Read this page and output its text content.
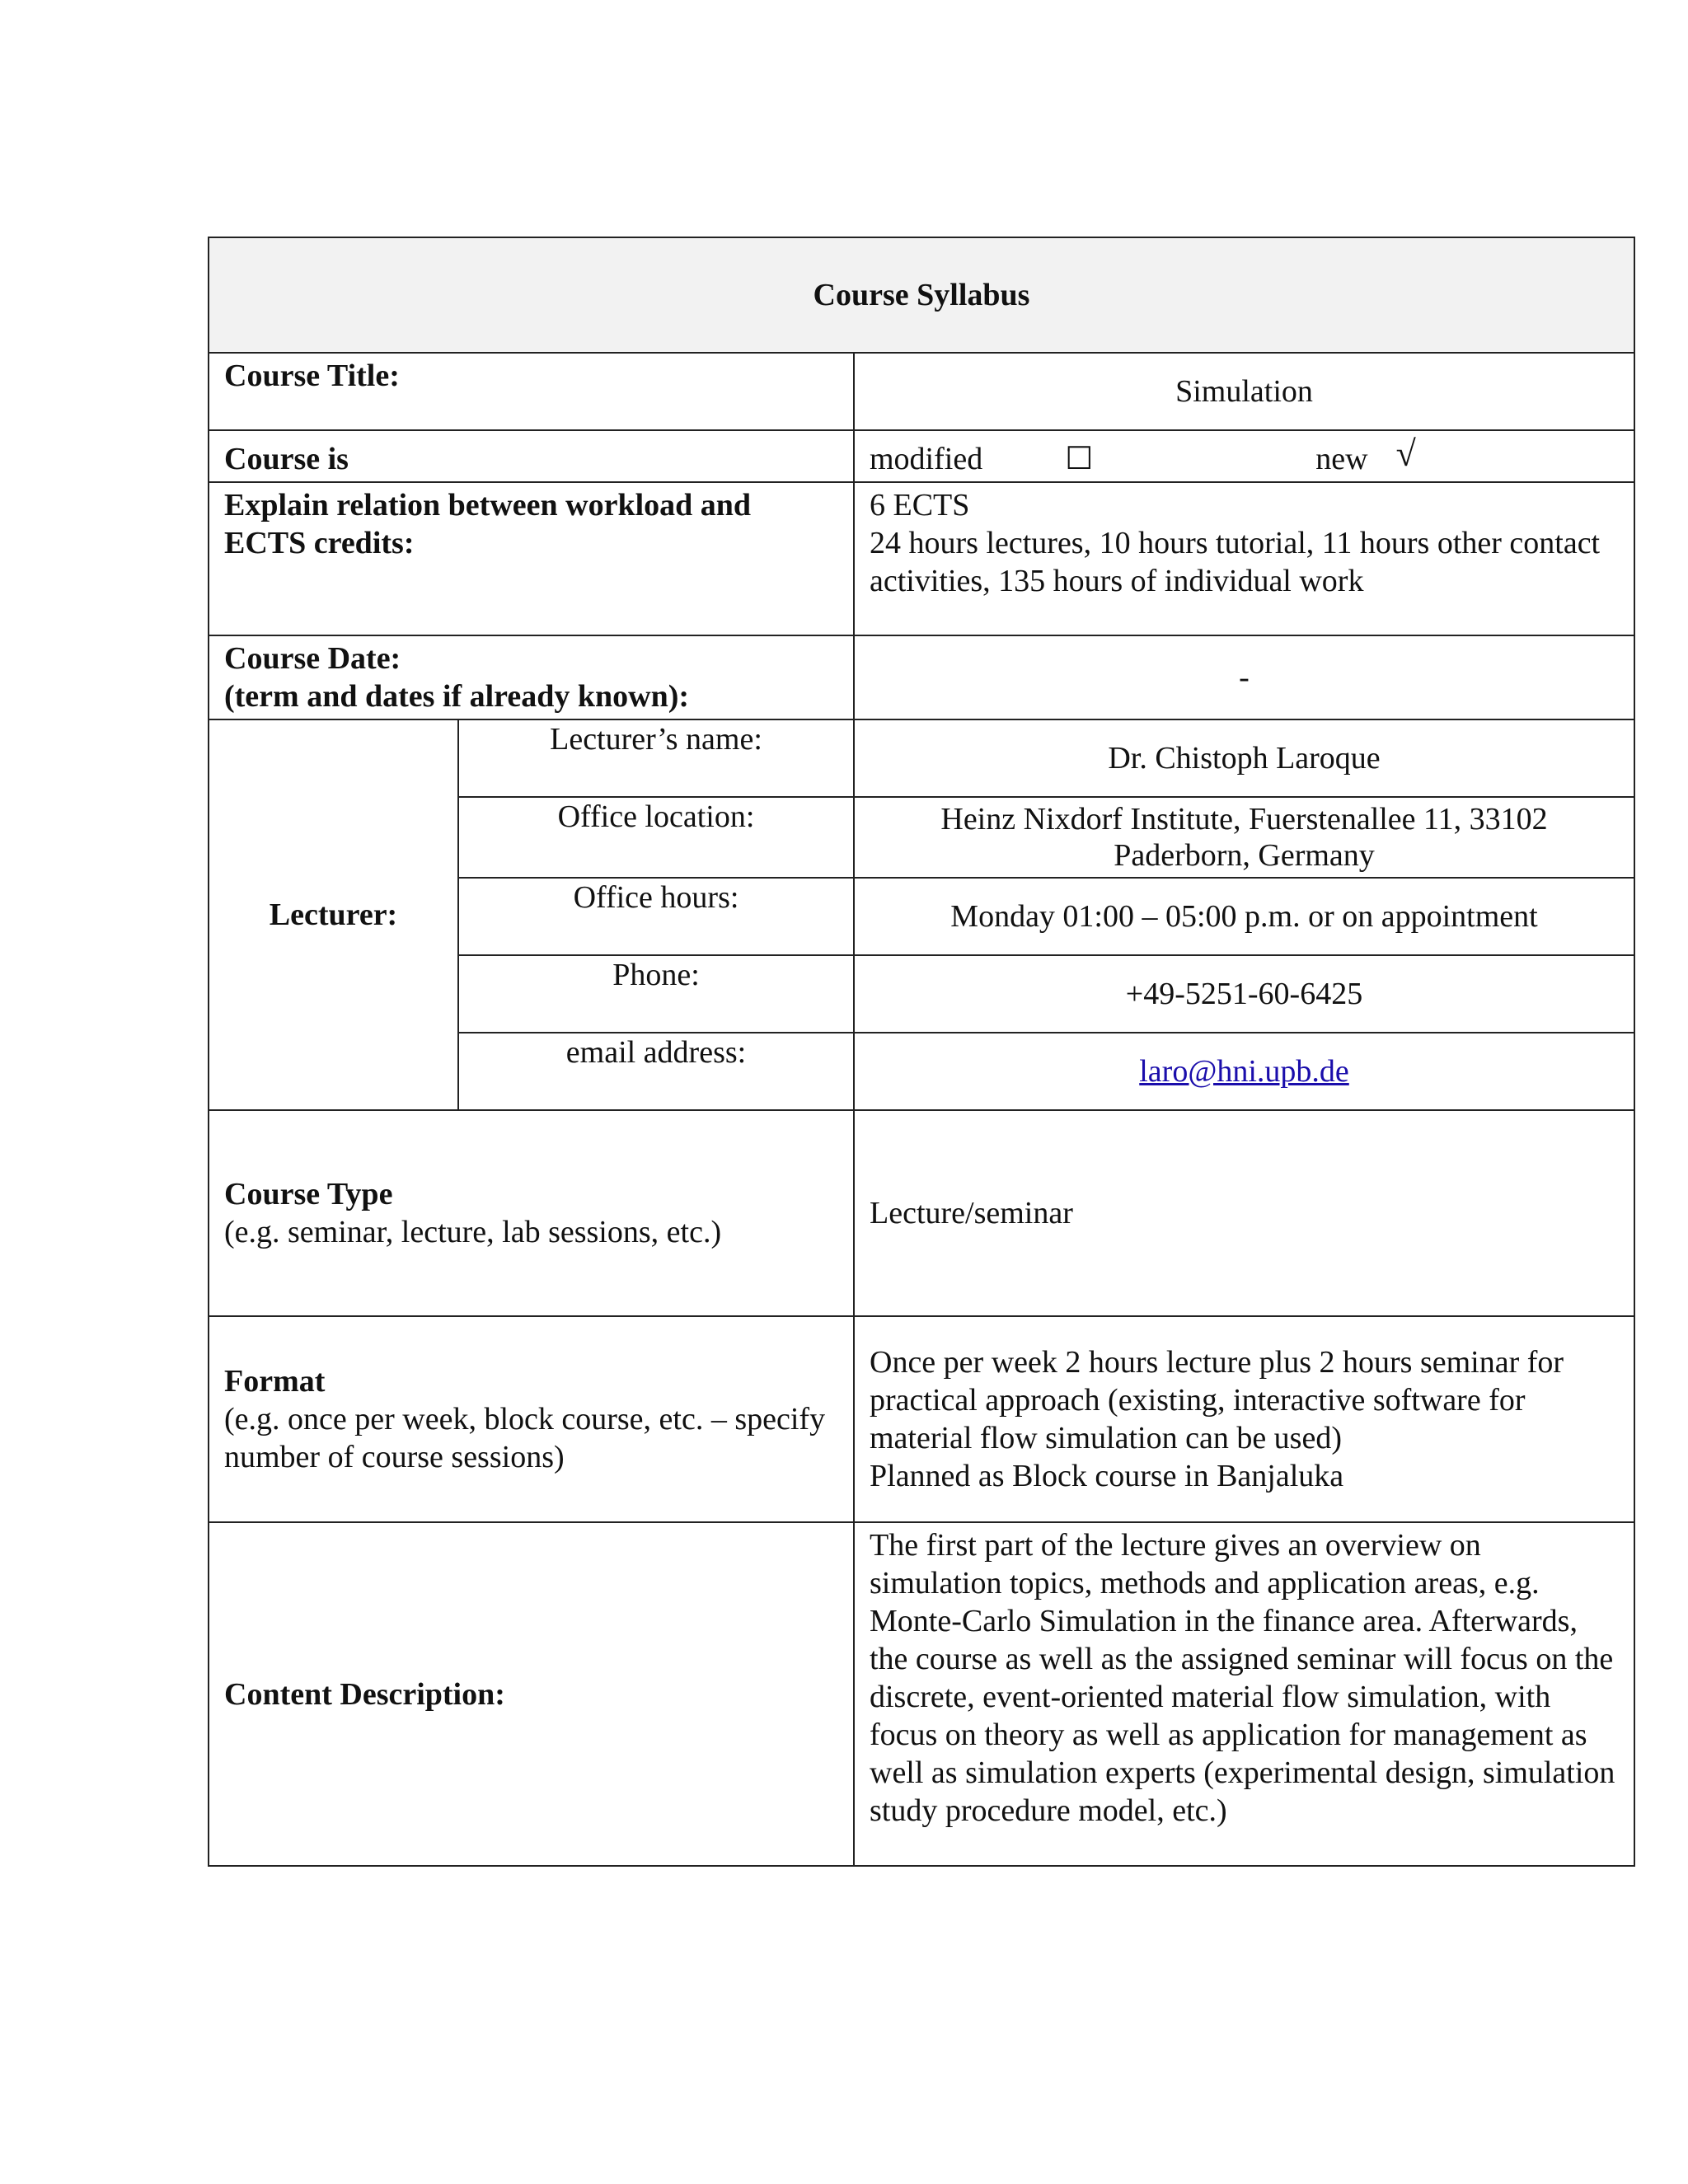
Course Syllabus		
Course Title:		Simulation
Course is		modified ☐ new √

Explain relation between workload and
ECTS credits:		6 ECTS
24 hours lectures, 10 hours tutorial, 11 hours other contact activities, 135 hours of individual work

Course Date:
(term and dates if already known):		-
Lecturer:	Lecturer’s name:	Dr. Chistoph Laroque
	Office location:	Heinz Nixdorf Institute, Fuerstenallee 11, 33102 Paderborn, Germany
	Office hours:	Monday 01:00 – 05:00 p.m. or on appointment
	Phone:	+49-5251-60-6425
	email address:	laro@hni.upb.de

Course Type
(e.g. seminar, lecture, lab sessions, etc.)		Lecture/seminar

Format
(e.g. once per week, block course, etc. – specify number of course sessions)		Once per week 2 hours lecture plus 2 hours seminar for practical approach (existing, interactive software for material flow simulation can be used)
Planned as Block course in Banjaluka

Content Description:		The first part of the lecture gives an overview on simulation topics, methods and application areas, e.g. Monte-Carlo Simulation in the finance area. Afterwards, the course as well as the assigned seminar will focus on the discrete, event-oriented material flow simulation, with focus on theory as well as application for management as well as simulation experts (experimental design, simulation study procedure model, etc.)
